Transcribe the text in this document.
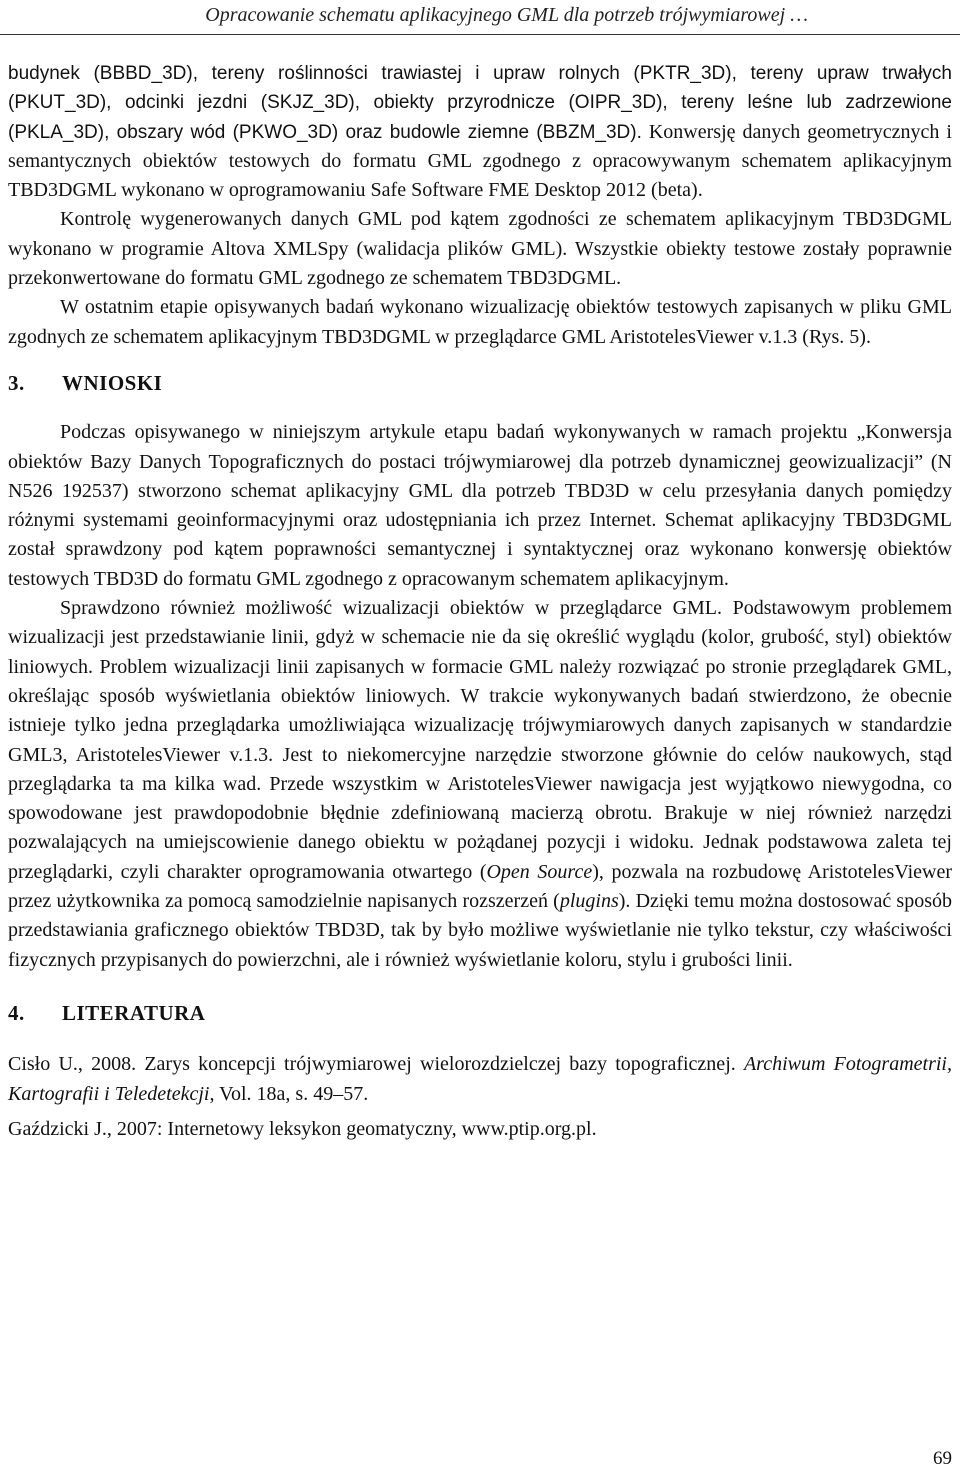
Opracowanie schematu aplikacyjnego GML dla potrzeb trójwymiarowej …

budynek (BBBD_3D), tereny roślinności trawiastej i upraw rolnych (PKTR_3D), tereny upraw trwałych (PKUT_3D), odcinki jezdni (SKJZ_3D), obiekty przyrodnicze (OIPR_3D), tereny leśne lub zadrzewione (PKLA_3D), obszary wód (PKWO_3D) oraz budowle ziemne (BBZM_3D). Konwersję danych geometrycznych i semantycznych obiektów testowych do formatu GML zgodnego z opracowywanym schematem aplikacyjnym TBD3DGML wykonano w oprogramowaniu Safe Software FME Desktop 2012 (beta).

Kontrolę wygenerowanych danych GML pod kątem zgodności ze schematem aplikacyjnym TBD3DGML wykonano w programie Altova XMLSpy (walidacja plików GML). Wszystkie obiekty testowe zostały poprawnie przekonwertowane do formatu GML zgodnego ze schematem TBD3DGML.

W ostatnim etapie opisywanych badań wykonano wizualizację obiektów testowych zapisanych w pliku GML zgodnych ze schematem aplikacyjnym TBD3DGML w przeglądarce GML AristotelesViewer v.1.3 (Rys. 5).

3. WNIOSKI

Podczas opisywanego w niniejszym artykule etapu badań wykonywanych w ramach projektu „Konwersja obiektów Bazy Danych Topograficznych do postaci trójwymiarowej dla potrzeb dynamicznej geowizualizacji” (N N526 192537) stworzono schemat aplikacyjny GML dla potrzeb TBD3D w celu przesyłania danych pomiędzy różnymi systemami geoinformacyjnymi oraz udostępniania ich przez Internet. Schemat aplikacyjny TBD3DGML został sprawdzony pod kątem poprawności semantycznej i syntaktycznej oraz wykonano konwersję obiektów testowych TBD3D do formatu GML zgodnego z opracowanym schematem aplikacyjnym.

Sprawdzono również możliwość wizualizacji obiektów w przeglądarce GML. Podstawowym problemem wizualizacji jest przedstawianie linii, gdyż w schemacie nie da się określić wyglądu (kolor, grubość, styl) obiektów liniowych. Problem wizualizacji linii zapisanych w formacie GML należy rozwiązać po stronie przeglądarek GML, określając sposób wyświetlania obiektów liniowych. W trakcie wykonywanych badań stwierdzono, że obecnie istnieje tylko jedna przeglądarka umożliwiająca wizualizację trójwymiarowych danych zapisanych w standardzie GML3, AristotelesViewer v.1.3. Jest to niekomercyjne narzędzie stworzone głównie do celów naukowych, stąd przeglądarka ta ma kilka wad. Przede wszystkim w AristotelesViewer nawigacja jest wyjątkowo niewygodna, co spowodowane jest prawdopodobnie błędnie zdefiniowaną macierzą obrotu. Brakuje w niej również narzędzi pozwalających na umiejscowienie danego obiektu w pożądanej pozycji i widoku. Jednak podstawowa zaleta tej przeglądarki, czyli charakter oprogramowania otwartego (Open Source), pozwala na rozbudowę AristotelesViewer przez użytkownika za pomocą samodzielnie napisanych rozszerzeń (plugins). Dzięki temu można dostosować sposób przedstawiania graficznego obiektów TBD3D, tak by było możliwe wyświetlanie nie tylko tekstur, czy właściwości fizycznych przypisanych do powierzchni, ale i również wyświetlanie koloru, stylu i grubości linii.

4. LITERATURA

Cisło U., 2008. Zarys koncepcji trójwymiarowej wielorozdzielczej bazy topograficznej. Archiwum Fotogrametrii, Kartografii i Teledetekcji, Vol. 18a, s. 49–57.

Gaździcki J., 2007: Internetowy leksykon geomatyczny, www.ptip.org.pl.

69
